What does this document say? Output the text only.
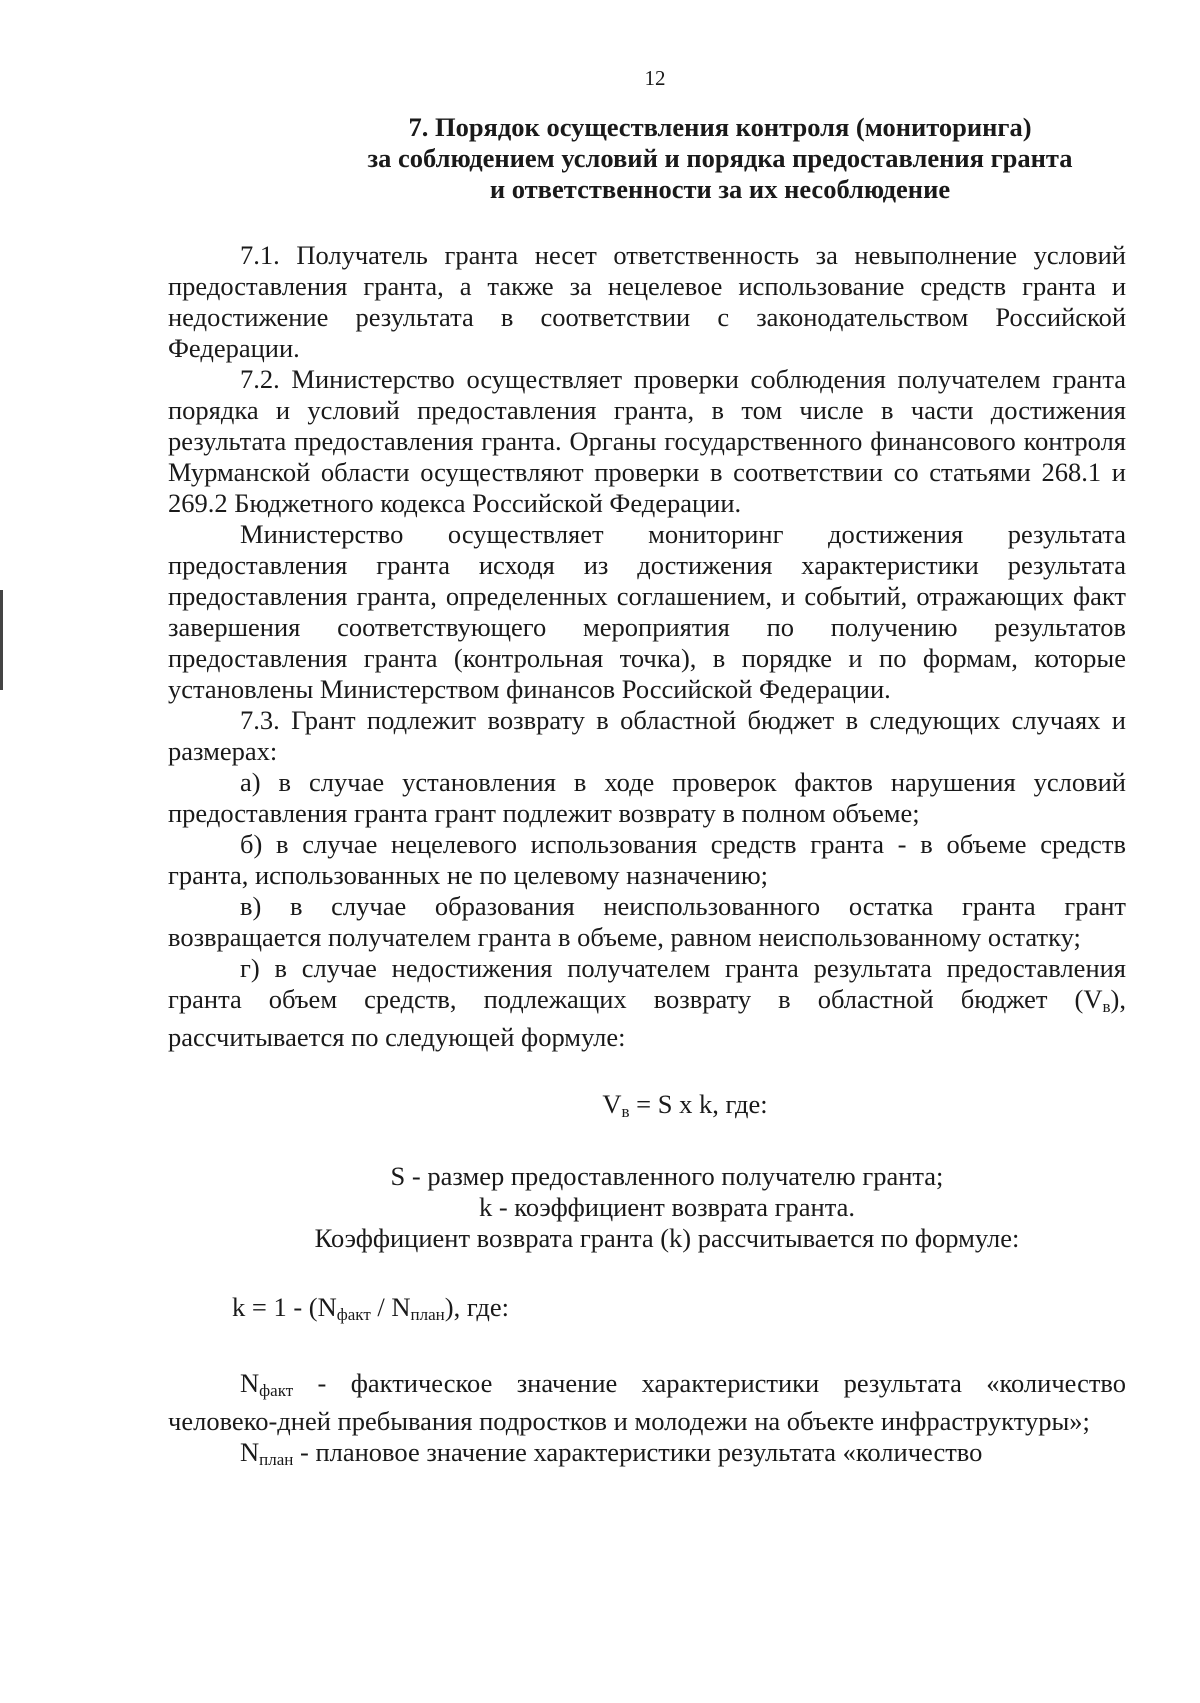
12
7. Порядок осуществления контроля (мониторинга)
за соблюдением условий и порядка предоставления гранта
и ответственности за их несоблюдение

7.1. Получатель гранта несет ответственность за невыполнение условий предоставления гранта, а также за нецелевое использование средств гранта и недостижение результата в соответствии с законодательством Российской Федерации.

7.2. Министерство осуществляет проверки соблюдения получателем гранта порядка и условий предоставления гранта, в том числе в части достижения результата предоставления гранта. Органы государственного финансового контроля Мурманской области осуществляют проверки в соответствии со статьями 268.1 и 269.2 Бюджетного кодекса Российской Федерации.

Министерство осуществляет мониторинг достижения результата предоставления гранта исходя из достижения характеристики результата предоставления гранта, определенных соглашением, и событий, отражающих факт завершения соответствующего мероприятия по получению результатов предоставления гранта (контрольная точка), в порядке и по формам, которые установлены Министерством финансов Российской Федерации.

7.3. Грант подлежит возврату в областной бюджет в следующих случаях и размерах:

а) в случае установления в ходе проверок фактов нарушения условий предоставления гранта грант подлежит возврату в полном объеме;

б) в случае нецелевого использования средств гранта - в объеме средств гранта, использованных не по целевому назначению;

в) в случае образования неиспользованного остатка гранта грант возвращается получателем гранта в объеме, равном неиспользованному остатку;

г) в случае недостижения получателем гранта результата предоставления гранта объем средств, подлежащих возврату в областной бюджет $(V_в)$, рассчитывается по следующей формуле:

$V_в = S$ x k, где:

S - размер предоставленного получателю гранта;

k - коэффициент возврата гранта.

Коэффициент возврата гранта (k) рассчитывается по формуле:

$k = 1 - (N_{факт} / N_{план})$, где:

$N_{факт}$ - фактическое значение характеристики результата «количество человеко-дней пребывания подростков и молодежи на объекте инфраструктуры»;

$N_{план}$ - плановое значение характеристики результата «количество
